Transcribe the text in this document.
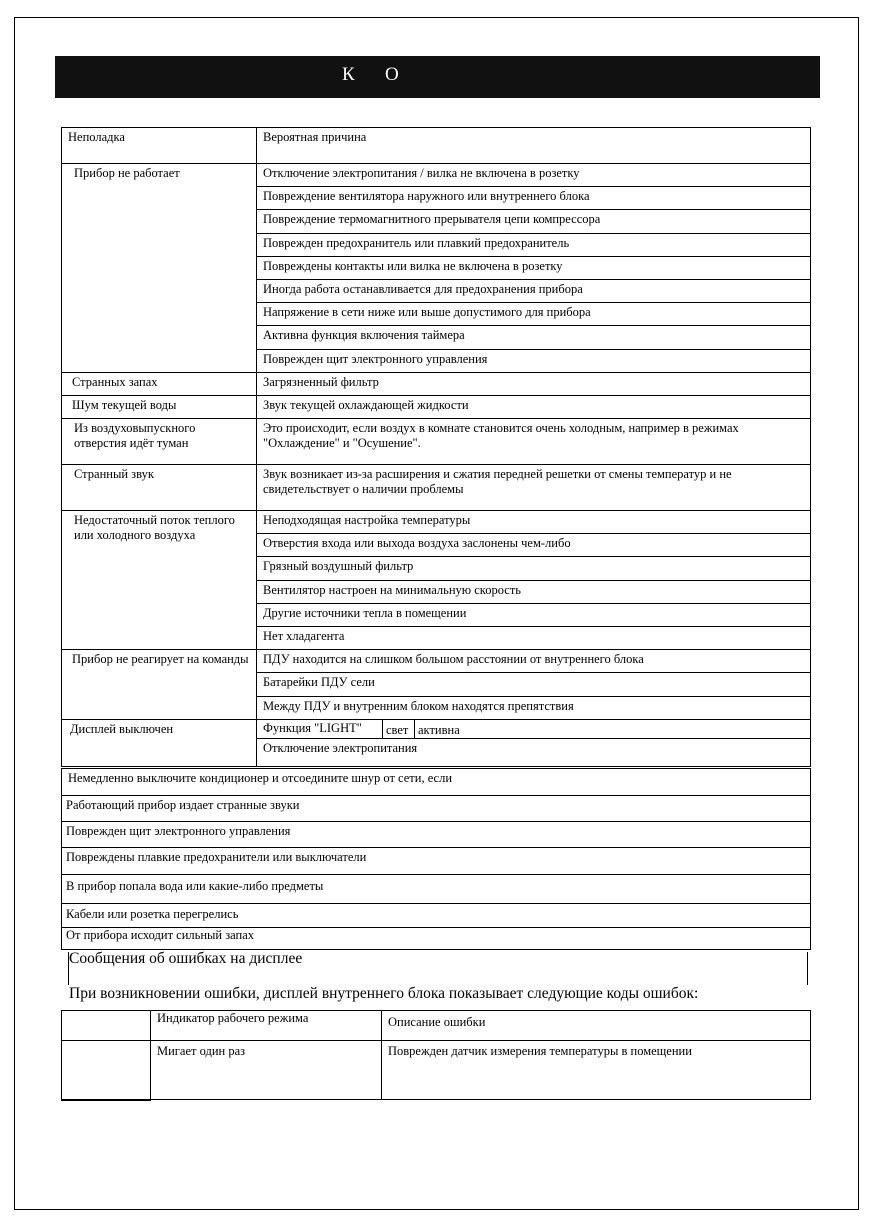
К О
Неполадка	Вероятная причина
Прибор не работает	Отключение электропитания / вилка не включена в розетку
	Повреждение вентилятора наружного или внутреннего блока
	Повреждение термомагнитного прерывателя цепи компрессора
	Поврежден предохранитель или плавкий предохранитель
	Повреждены контакты или вилка не включена в розетку
	Иногда работа останавливается для предохранения прибора
	Напряжение в сети ниже или выше допустимого для прибора
	Активна функция включения таймера
	Поврежден щит электронного управления
Странных запах	Загрязненный фильтр
Шум текущей воды	Звук текущей охлаждающей жидкости
Из воздуховыпускного отверстия идёт туман	Это происходит, если воздух в комнате становится очень холодным, например в режимах "Охлаждение" и "Осушение".
Странный звук	Звук возникает из-за расширения и сжатия передней решетки от смены температур и не свидетельствует о наличии проблемы
Недостаточный поток теплого или холодного воздуха	Неподходящая настройка температуры
	Отверстия входа или выхода воздуха заслонены чем-либо
	Грязный воздушный фильтр
	Вентилятор настроен на минимальную скорость
	Другие источники тепла в помещении
	Нет хладагента
Прибор не реагирует на команды	ПДУ находится на слишком большом расстоянии от внутреннего блока
	Батарейки ПДУ сели
	Между ПДУ и внутренним блоком находятся препятствия
Дисплей выключен	Функция "LIGHT" свет активна

	Отключение электропитания
Немедленно выключите кондиционер и отсоедините шнур от сети, если
Работающий прибор издает странные звуки
Поврежден щит электронного управления
Повреждены плавкие предохранители или выключатели
В прибор попала вода или какие-либо предметы
Кабели или розетка перегрелись
От прибора исходит сильный запах
Сообщения об ошибках на дисплее
При возникновении ошибки, дисплей внутреннего блока показывает следующие коды ошибок:
	Индикатор рабочего режима	Описание ошибки
	Мигает один раз	Поврежден датчик измерения температуры в помещении
